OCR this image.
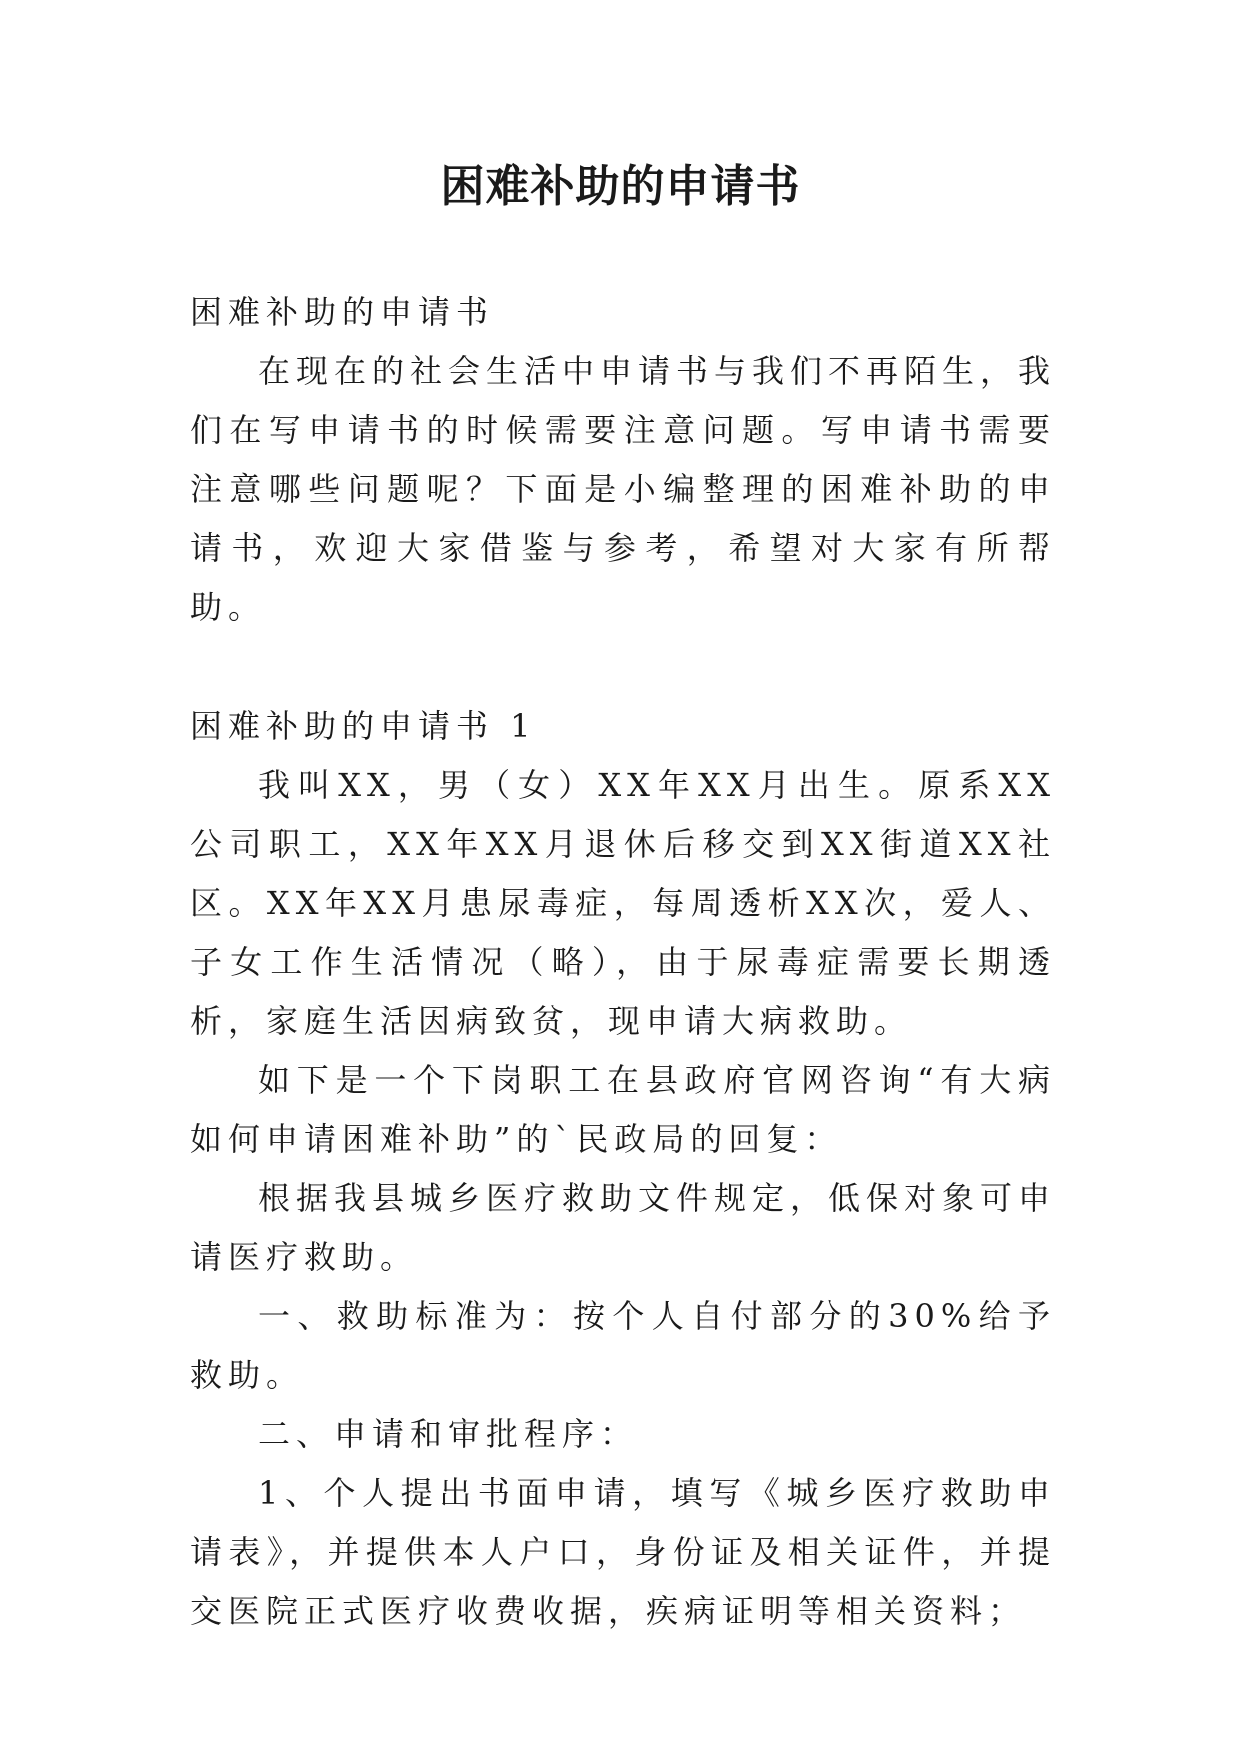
困难补助的申请书

困难补助的申请书

在现在的社会生活中申请书与我们不再陌生，我们在写申请书的时候需要注意问题。写申请书需要注意哪些问题呢？下面是小编整理的困难补助的申请书，欢迎大家借鉴与参考，希望对大家有所帮助。

困难补助的申请书 1

我叫XX，男（女）XX年XX月出生。原系XX公司职工，XX年XX月退休后移交到XX街道XX社区。XX年XX月患尿毒症，每周透析XX次，爱人、子女工作生活情况（略），由于尿毒症需要长期透析，家庭生活因病致贫，现申请大病救助。

如下是一个下岗职工在县政府官网咨询“有大病如何申请困难补助”的`民政局的回复：

根据我县城乡医疗救助文件规定，低保对象可申请医疗救助。

一、救助标准为：按个人自付部分的30%给予救助。

二、申请和审批程序：

1、个人提出书面申请，填写《城乡医疗救助申请表》，并提供本人户口，身份证及相关证件，并提交医院正式医疗收费收据，疾病证明等相关资料；
